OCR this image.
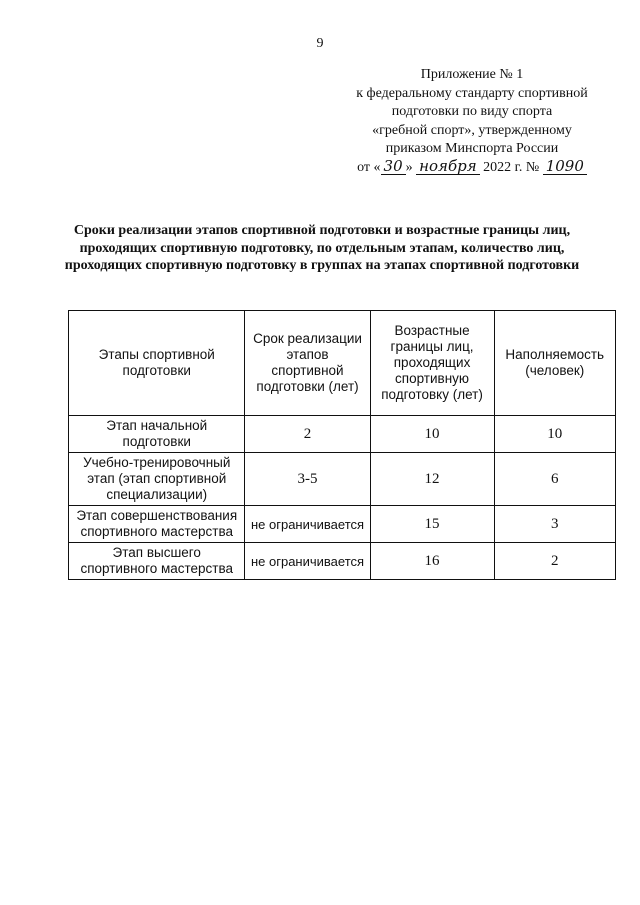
9
Приложение № 1
к федеральному стандарту спортивной
подготовки по виду спорта
«гребной спорт», утвержденному
приказом Минспорта России
от « 30 » ноября 2022 г. № 1090
Сроки реализации этапов спортивной подготовки и возрастные границы лиц, проходящих спортивную подготовку, по отдельным этапам, количество лиц, проходящих спортивную подготовку в группах на этапах спортивной подготовки
Этапы спортивной подготовки	Срок реализации этапов спортивной подготовки (лет)	Возрастные границы лиц, проходящих спортивную подготовку (лет)	Наполняемость (человек)
Этап начальной подготовки	2	10	10
Учебно-тренировочный этап (этап спортивной специализации)	3-5	12	6
Этап совершенствования спортивного мастерства	не ограничивается	15	3
Этап высшего спортивного мастерства	не ограничивается	16	2
